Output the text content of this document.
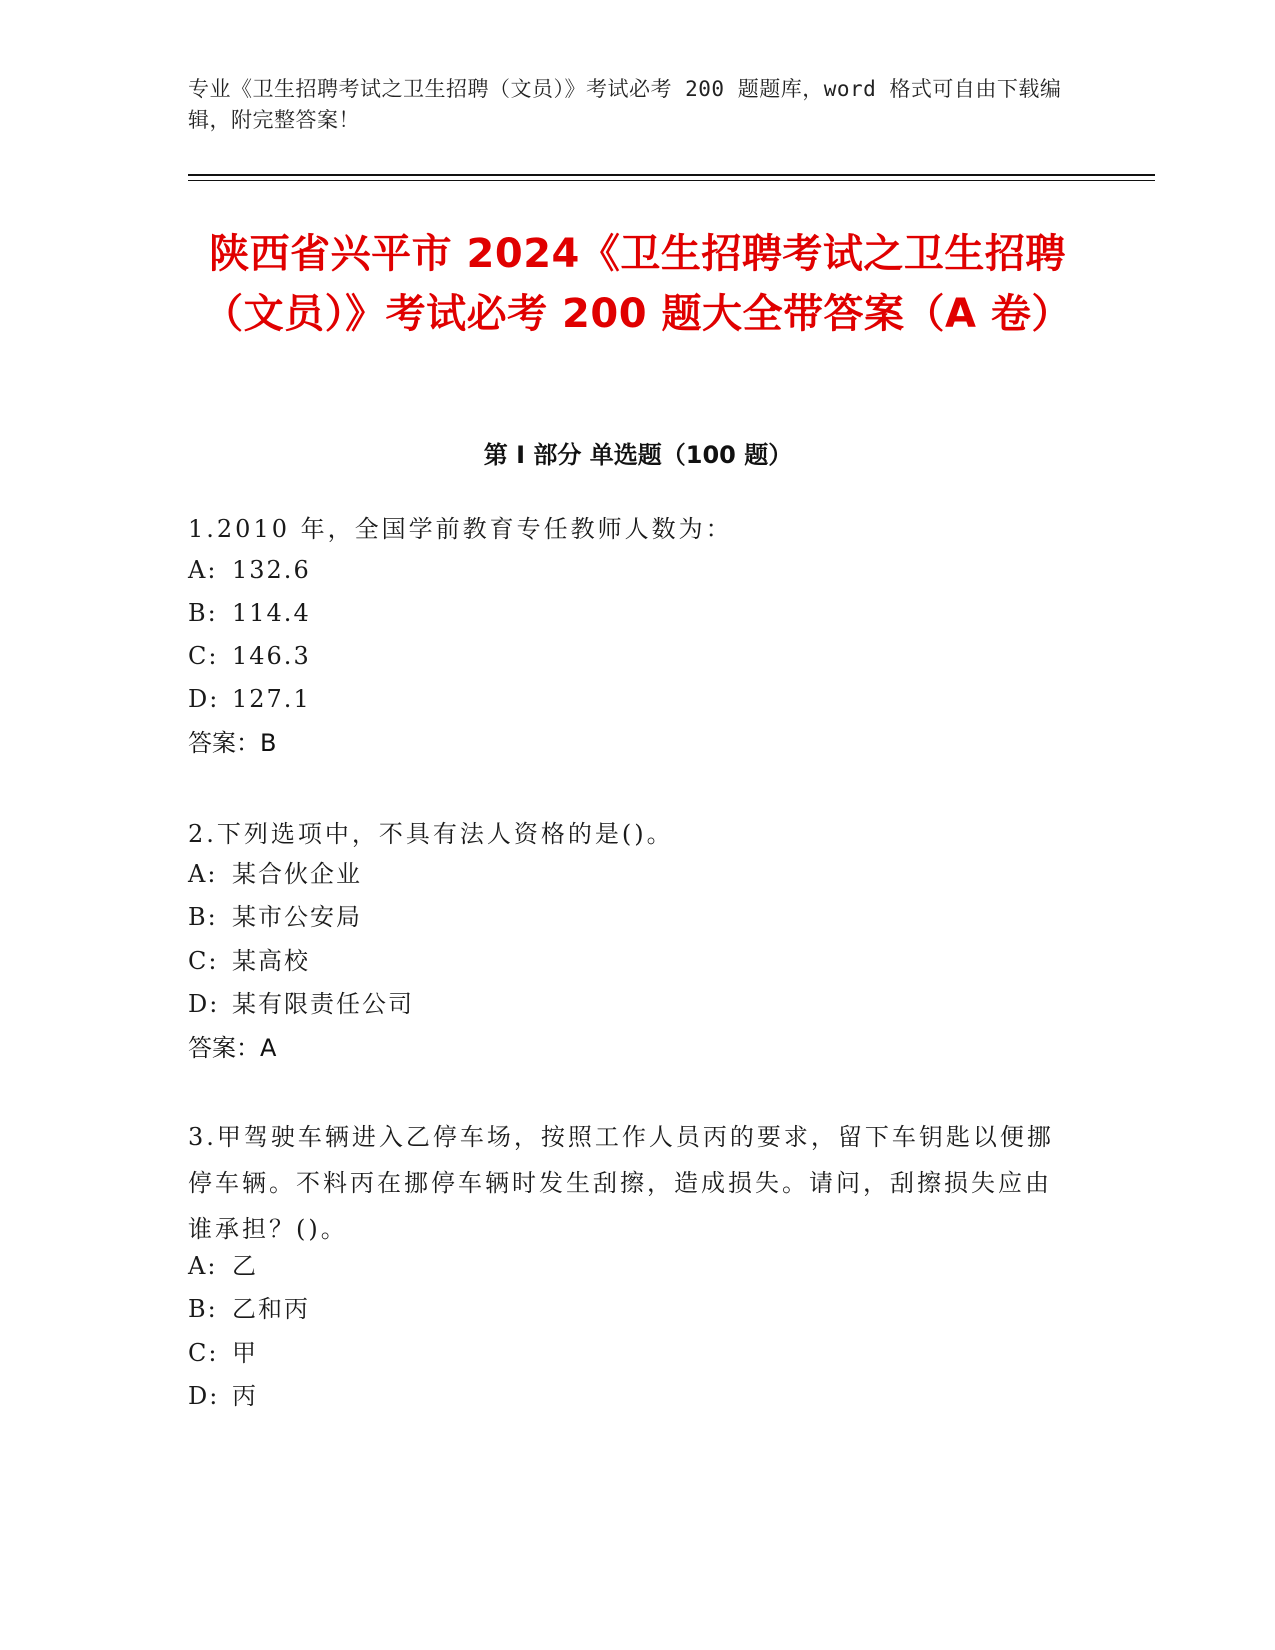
专业《卫生招聘考试之卫生招聘（文员）》考试必考 200 题题库，word 格式可自由下载编辑，附完整答案！
陕西省兴平市 2024《卫生招聘考试之卫生招聘（文员）》考试必考 200 题大全带答案（A 卷）
第 I 部分 单选题（100 题）
1.2010 年，全国学前教育专任教师人数为：
A: 132.6
B: 114.4
C: 146.3
D: 127.1
答案：B
2.下列选项中，不具有法人资格的是()。
A: 某合伙企业
B: 某市公安局
C: 某高校
D: 某有限责任公司
答案：A
3.甲驾驶车辆进入乙停车场，按照工作人员丙的要求，留下车钥匙以便挪停车辆。不料丙在挪停车辆时发生刮擦，造成损失。请问，刮擦损失应由谁承担？()。
A: 乙
B: 乙和丙
C: 甲
D: 丙
